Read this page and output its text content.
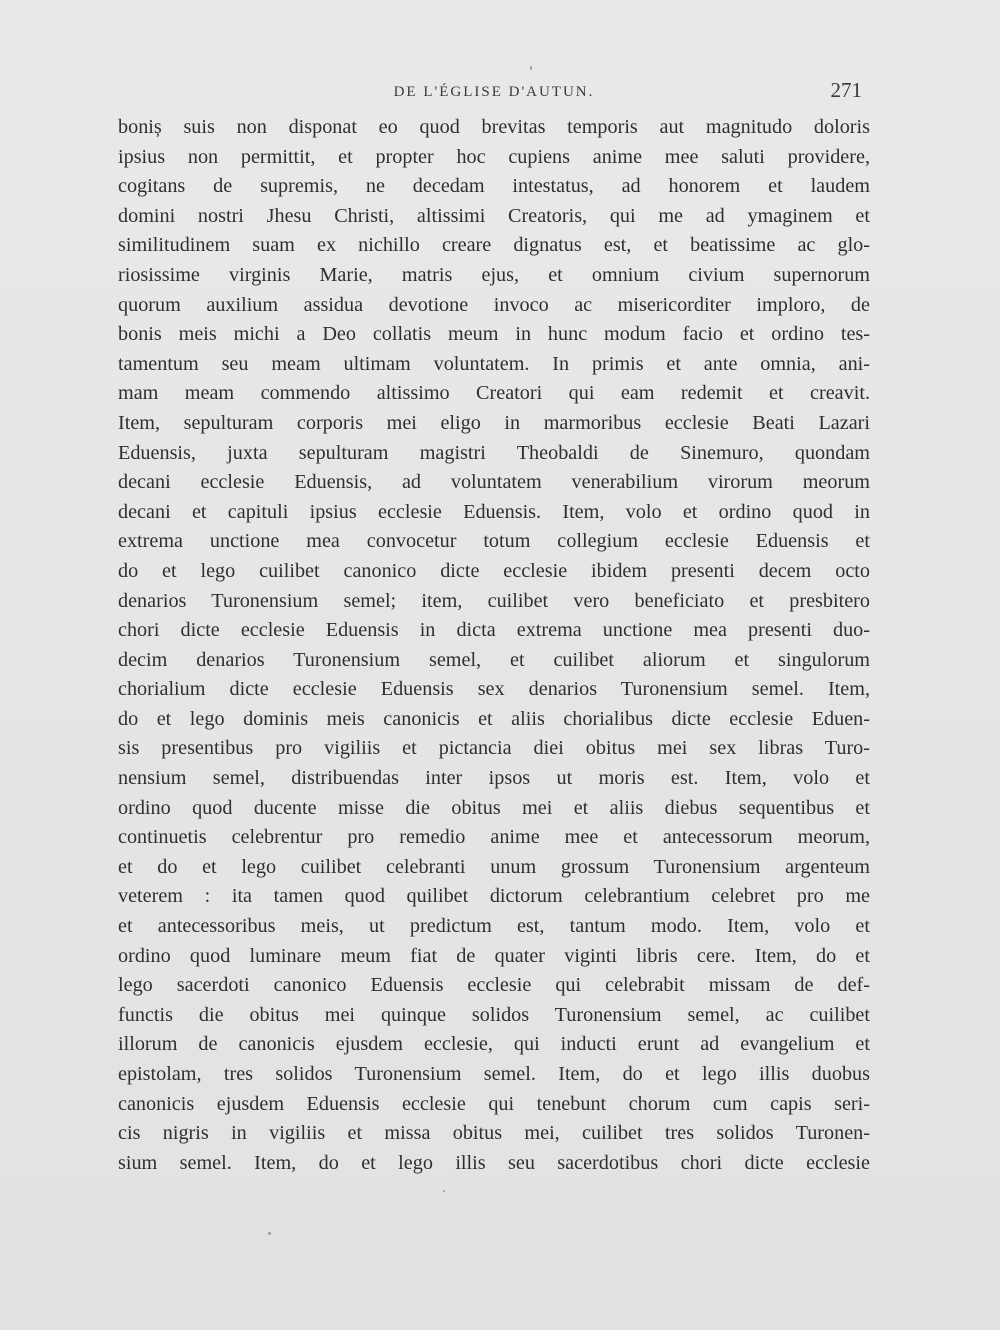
DE L'ÉGLISE D'AUTUN.	271
boniș suis non disponat eo quod brevitas temporis aut magnitudo doloris
ipsius non permittit, et propter hoc cupiens anime mee saluti providere,
cogitans de supremis, ne decedam intestatus, ad honorem et laudem
domini nostri Jhesu Christi, altissimi Creatoris, qui me ad ymaginem et
similitudinem suam ex nichillo creare dignatus est, et beatissime ac glo-
riosissime virginis Marie, matris ejus, et omnium civium supernorum
quorum auxilium assidua devotione invoco ac misericorditer imploro, de
bonis meis michi a Deo collatis meum in hunc modum facio et ordino tes-
tamentum seu meam ultimam voluntatem. In primis et ante omnia, ani-
mam meam commendo altissimo Creatori qui eam redemit et creavit.
Item, sepulturam corporis mei eligo in marmoribus ecclesie Beati Lazari
Eduensis, juxta sepulturam magistri Theobaldi de Sinemuro, quondam
decani ecclesie Eduensis, ad voluntatem venerabilium virorum meorum
decani et capituli ipsius ecclesie Eduensis. Item, volo et ordino quod in
extrema unctione mea convocetur totum collegium ecclesie Eduensis et
do et lego cuilibet canonico dicte ecclesie ibidem presenti decem octo
denarios Turonensium semel; item, cuilibet vero beneficiato et presbitero
chori dicte ecclesie Eduensis in dicta extrema unctione mea presenti duo-
decim denarios Turonensium semel, et cuilibet aliorum et singulorum
chorialium dicte ecclesie Eduensis sex denarios Turonensium semel. Item,
do et lego dominis meis canonicis et aliis chorialibus dicte ecclesie Eduen-
sis presentibus pro vigiliis et pictancia diei obitus mei sex libras Turo-
nensium semel, distribuendas inter ipsos ut moris est. Item, volo et
ordino quod ducente misse die obitus mei et aliis diebus sequentibus et
continuetis celebrentur pro remedio anime mee et antecessorum meorum,
et do et lego cuilibet celebranti unum grossum Turonensium argenteum
veterem : ita tamen quod quilibet dictorum celebrantium celebret pro me
et antecessoribus meis, ut predictum est, tantum modo. Item, volo et
ordino quod luminare meum fiat de quater viginti libris cere. Item, do et
lego sacerdoti canonico Eduensis ecclesie qui celebrabit missam de def-
functis die obitus mei quinque solidos Turonensium semel, ac cuilibet
illorum de canonicis ejusdem ecclesie, qui inducti erunt ad evangelium et
epistolam, tres solidos Turonensium semel. Item, do et lego illis duobus
canonicis ejusdem Eduensis ecclesie qui tenebunt chorum cum capis seri-
cis nigris in vigiliis et missa obitus mei, cuilibet tres solidos Turonen-
sium semel. Item, do et lego illis seu sacerdotibus chori dicte ecclesie
